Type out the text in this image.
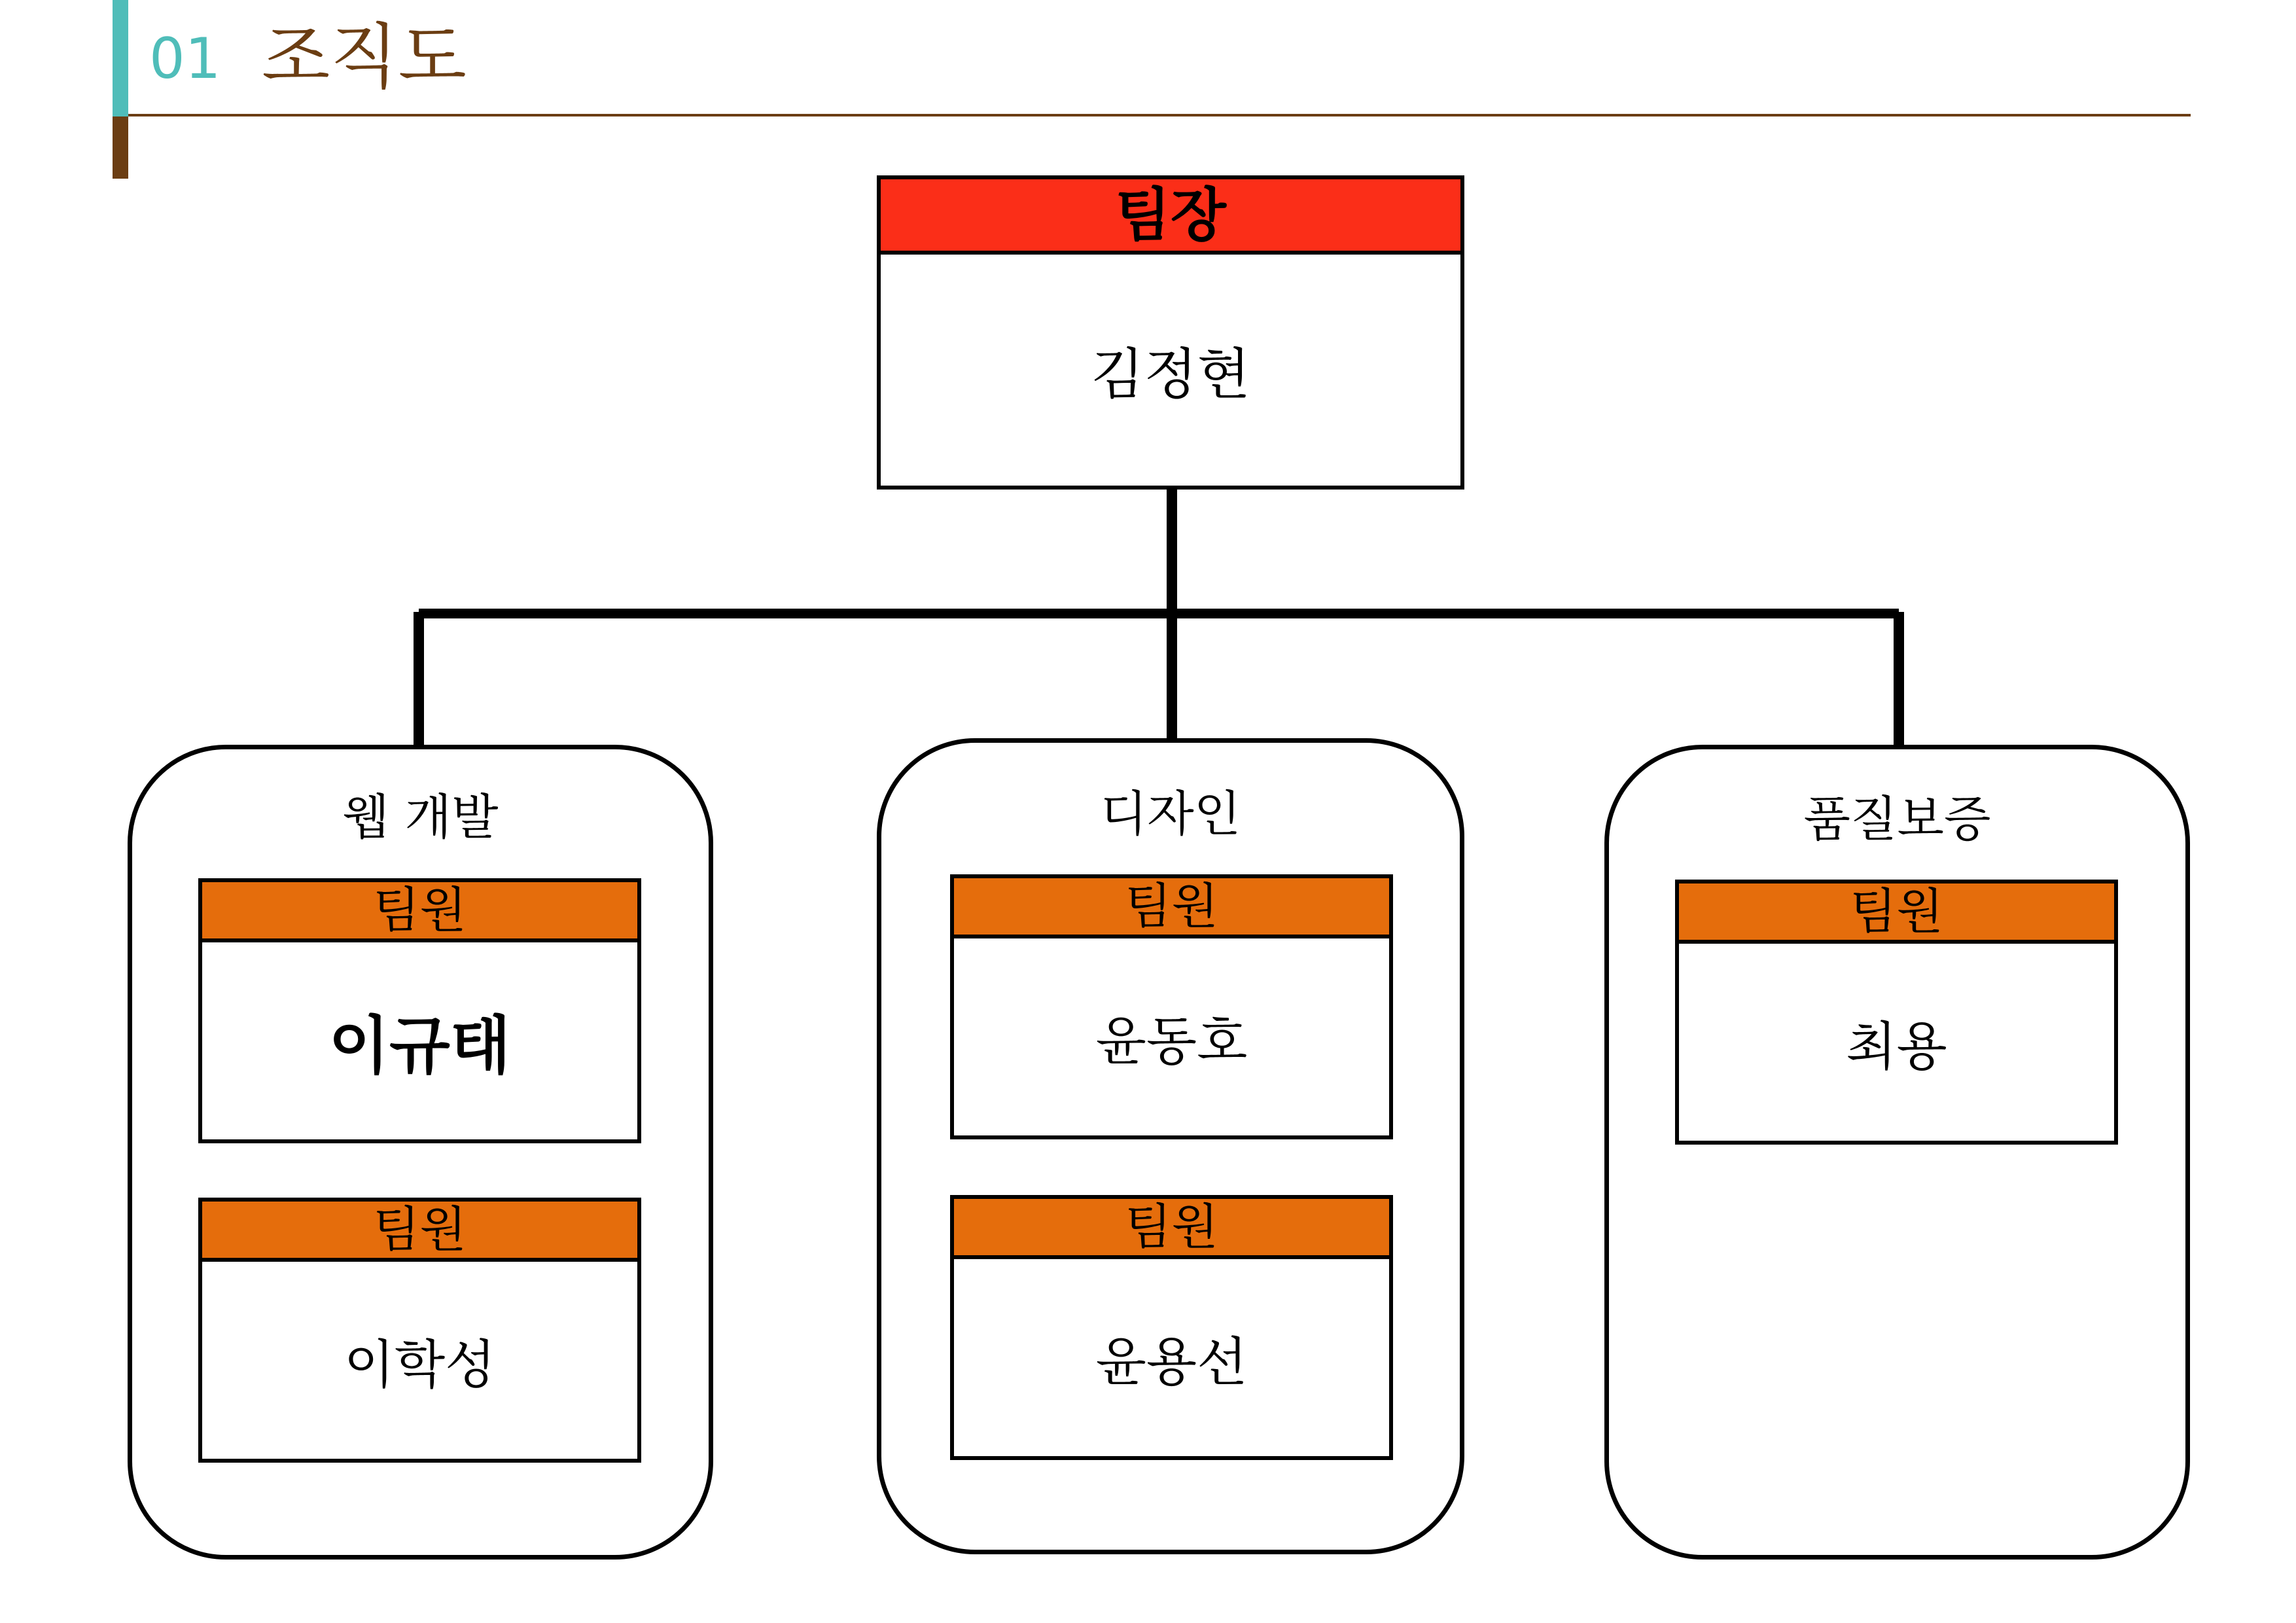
01 조직도
팀장
김정현
웹 개발
팀원
이규태
팀원
이학성
디자인
팀원
윤동호
팀원
윤용선
품질보증
팀원
최용
